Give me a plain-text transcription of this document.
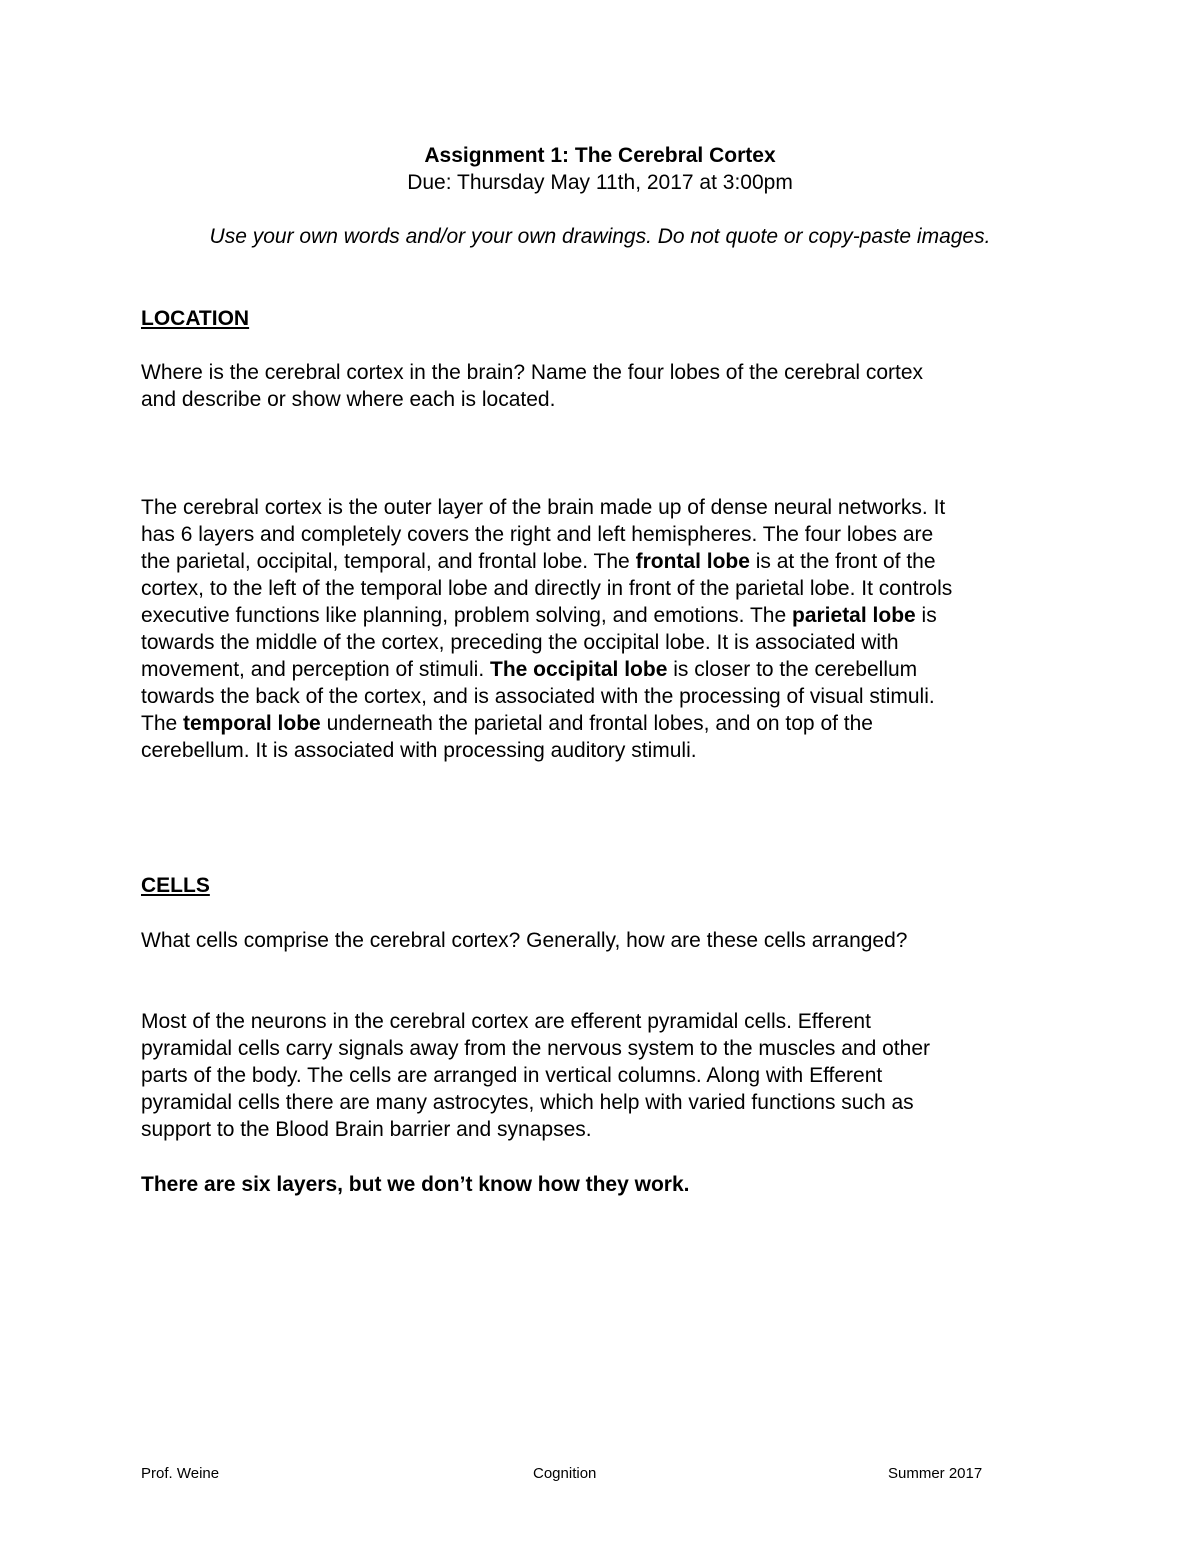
Assignment 1: The Cerebral Cortex
Due: Thursday May 11th, 2017 at 3:00pm
Use your own words and/or your own drawings. Do not quote or copy-paste images.
LOCATION
Where is the cerebral cortex in the brain? Name the four lobes of the cerebral cortex
and describe or show where each is located.
The cerebral cortex is the outer layer of the brain made up of dense neural networks. It
has 6 layers and completely covers the right and left hemispheres. The four lobes are
the parietal, occipital, temporal, and frontal lobe. The frontal lobe is at the front of the
cortex, to the left of the temporal lobe and directly in front of the parietal lobe. It controls
executive functions like planning, problem solving, and emotions. The parietal lobe is
towards the middle of the cortex, preceding the occipital lobe. It is associated with
movement, and perception of stimuli. The occipital lobe is closer to the cerebellum
towards the back of the cortex, and is associated with the processing of visual stimuli.
The temporal lobe underneath the parietal and frontal lobes, and on top of the
cerebellum. It is associated with processing auditory stimuli.
CELLS
What cells comprise the cerebral cortex? Generally, how are these cells arranged?
Most of the neurons in the cerebral cortex are efferent pyramidal cells. Efferent
pyramidal cells carry signals away from the nervous system to the muscles and other
parts of the body. The cells are arranged in vertical columns. Along with Efferent
pyramidal cells there are many astrocytes, which help with varied functions such as
support to the Blood Brain barrier and synapses.
There are six layers, but we don’t know how they work.
Prof. Weine	Cognition	Summer 2017
